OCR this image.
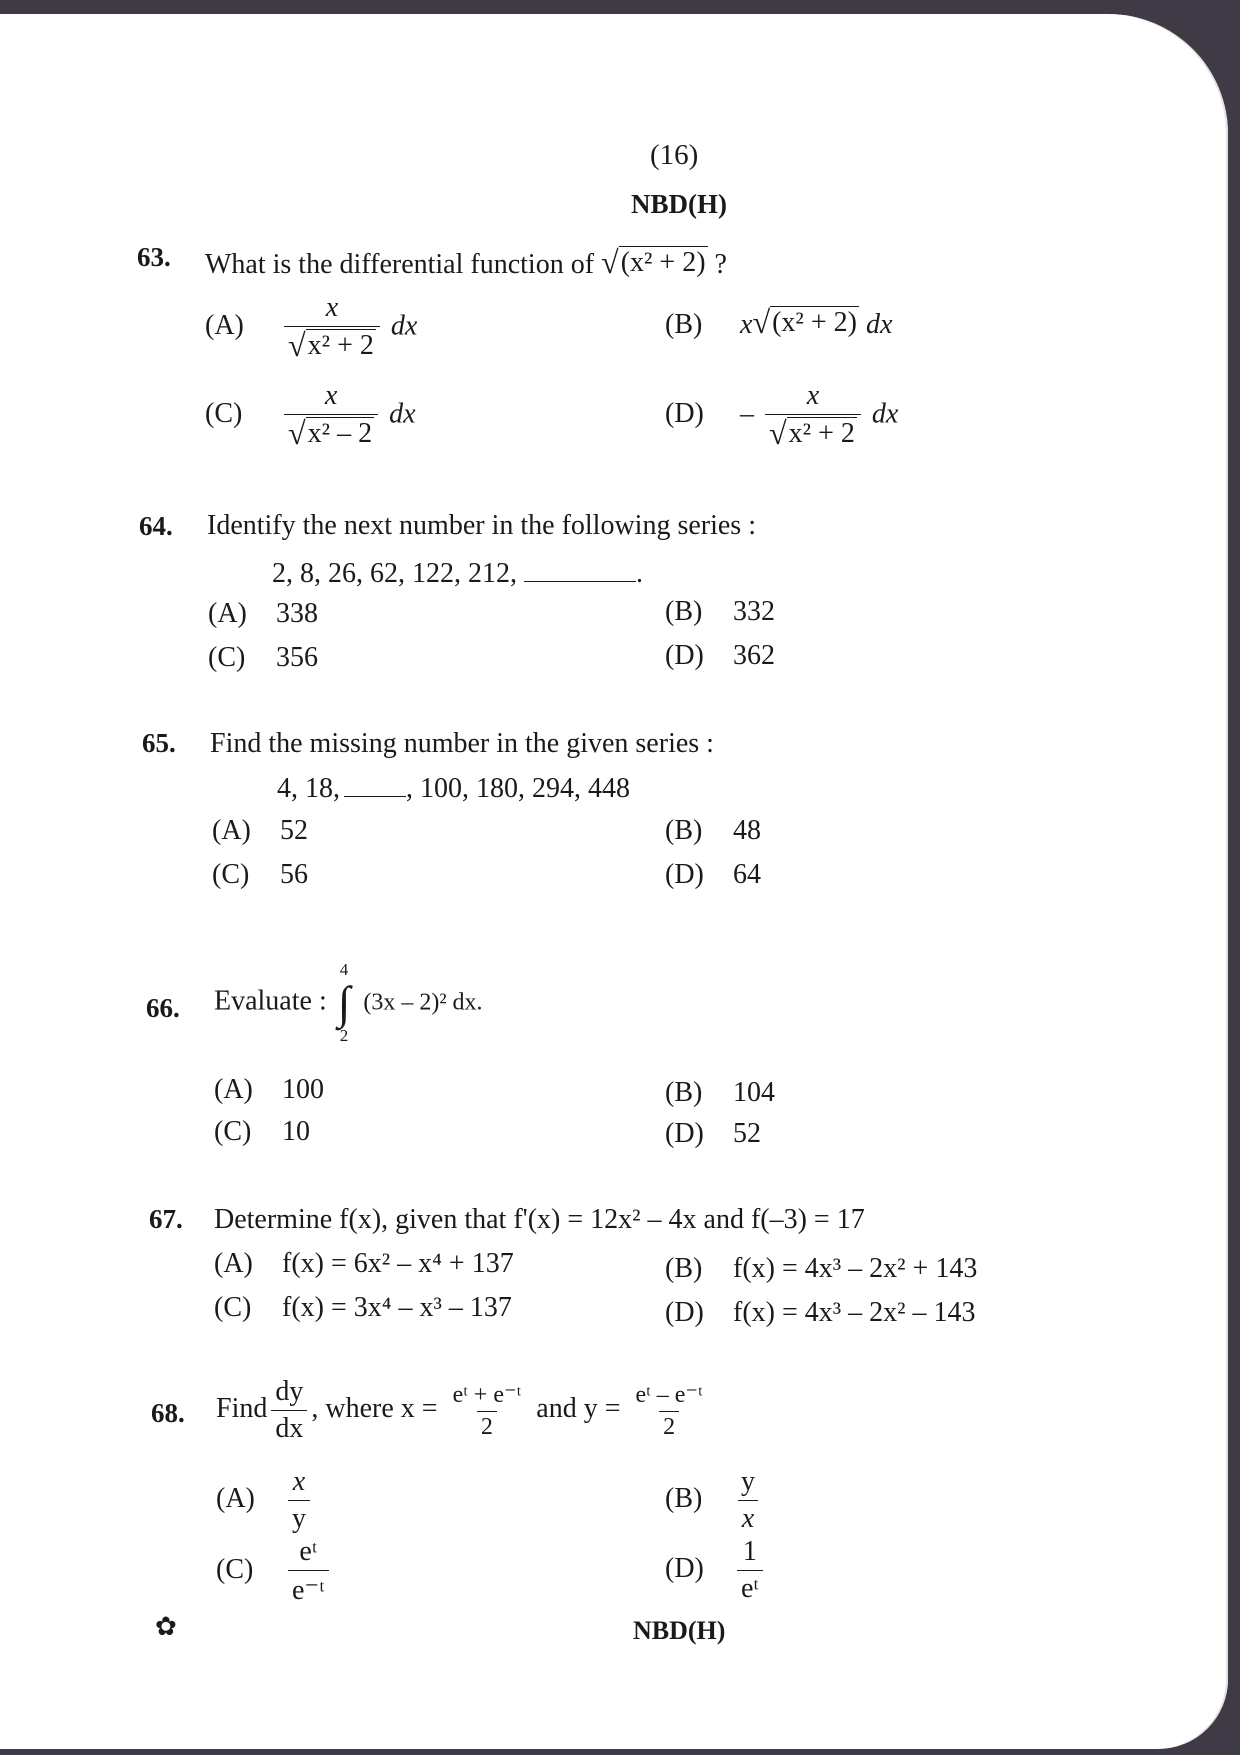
(16)
NBD(H)
63. What is the differential function of √ (x² + 2) ?
$(A) \frac{x}{\text{√ x² + 2}}$ dx	(B) x √ (x² + 2) dx
$(C) \frac{x}{\text{√ x² – 2}}$ dx	$(D) - \frac{x}{\text{√ x² + 2}}$ dx
64. Identify the next number in the following series :
2, 8, 26, 62, 122, 212,	.
(A) 338	(B) 332
(C) 356	(D) 362
65. Find the missing number in the given series :
4, 18, , 100, 180, 294, 448
(A) 52	(B) 48
(C) 56	(D) 64
66. Evaluate :
4
∫
2
(3x – 2)² dx.
(A) 100	(B) 104
(C) 10	(D) 52
67. Determine f(x), given that f'(x) = 12x² – 4x and f(–3) = 17
(A) f(x) = 6x² – x⁴ + 137	(B) f(x) = 4x³ – 2x² + 143
(C) f(x) = 3x⁴ – x³ – 137	(D) f(x) = 4x³ – 2x² – 143
68. Find $\frac{dy}{dx}$ , where $x = \frac{\text{eᵗ + e⁻ᵗ}}{2}$ and $y = \frac{\text{eᵗ – e⁻ᵗ}}{2}$
$(A) \frac{x}{y}$	$(B) \frac{y}{x}$
$(C) \frac{\text{eᵗ}}{\text{e⁻ᵗ}}$	$(D) \frac{1}{\text{eᵗ}}$
✿	NBD(H)
